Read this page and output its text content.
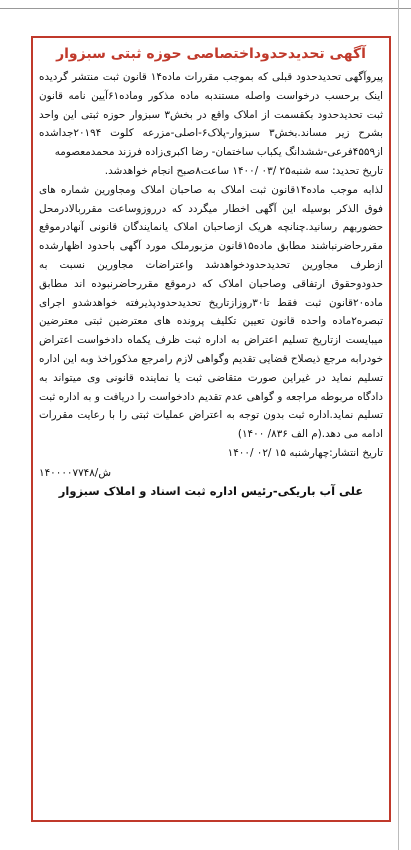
آگهی تحدیدحدوداختصاصی حوزه ثبتی سبزوار

پیروآگهی تحدیدحدود قبلی که بموجب مقررات ماده۱۴ قانون ثبت منتشر گردیده اینک برحسب درخواست واصله مستندبه ماده مذکور وماده۶۱آیین نامه قانون ثبت تحدیدحدود بکقسمت از املاک واقع در بخش۳ سبزوار حوزه ثبتی این واحد بشرح زیر مساند.بخش۳ سبزوار-پلاک۶-اصلی-مزرعه کلوت ۲۰۱۹۴جداشده از۴۵۵۹فرعی-ششدانگ یکباب ساختمان- رضا اکبری‌زاده فرزند محمدمعصومه

تاریخ تحدید: سه شنبه۲۵ /۰۳ /۱۴۰۰ ساعت۸صبح انجام خواهدشد.

لذابه موجب ماده۱۴قانون ثبت املاک به صاحبان املاک ومجاورین شماره های فوق الذکر بوسیله این آگهی اخطار میگردد که درروزوساعت مقرربالادرمحل حضوربهم رسانید.چنانچه هریک ازصاحبان املاک یانمایندگان قانونی آنهادرموقع مقررحاضرنباشند مطابق ماده۱۵قانون مزبورملک مورد آگهی باحدود اظهارشده ازطرف مجاورین تحدیدحدودخواهدشد واعتراضات مجاورین نسبت به حدودوحقوق ارتفاقی وصاحبان املاک که درموقع مقررحاضرنبوده اند مطابق ماده۲۰قانون ثبت فقط تا۳۰روزازتاریخ تحدیدحدودپذیرفته خواهدشدو اجرای تبصره۲ماده واحده قانون تعیین تکلیف پرونده های معترضین ثبتی معترضین میبایست ازتاریخ تسلیم اعتراض به اداره ثبت ظرف یکماه دادخواست اعتراض خودرابه مرجع ذیصلاح قضایی تقدیم وگواهی لازم رامرجع مذکوراخذ وبه این اداره تسلیم نماید در غیراین صورت متقاضی ثبت یا نماینده قانونی وی میتواند به دادگاه مربوطه مراجعه و گواهی عدم تقدیم دادخواست را دریافت و به اداره ثبت تسلیم نماید.اداره ثبت بدون توجه به اعتراض عملیات ثبتی را با رعایت مقررات ادامه می دهد.(م الف ۸۳۶/ ۱۴۰۰)

تاریخ انتشار:چهارشنبه ۱۵ /۰۲ /۱۴۰۰

۱۴۰۰۰۰۷۷۴۸/ش
علی آب باریکی-رئیس اداره ثبت اسناد و املاک سبزوار
